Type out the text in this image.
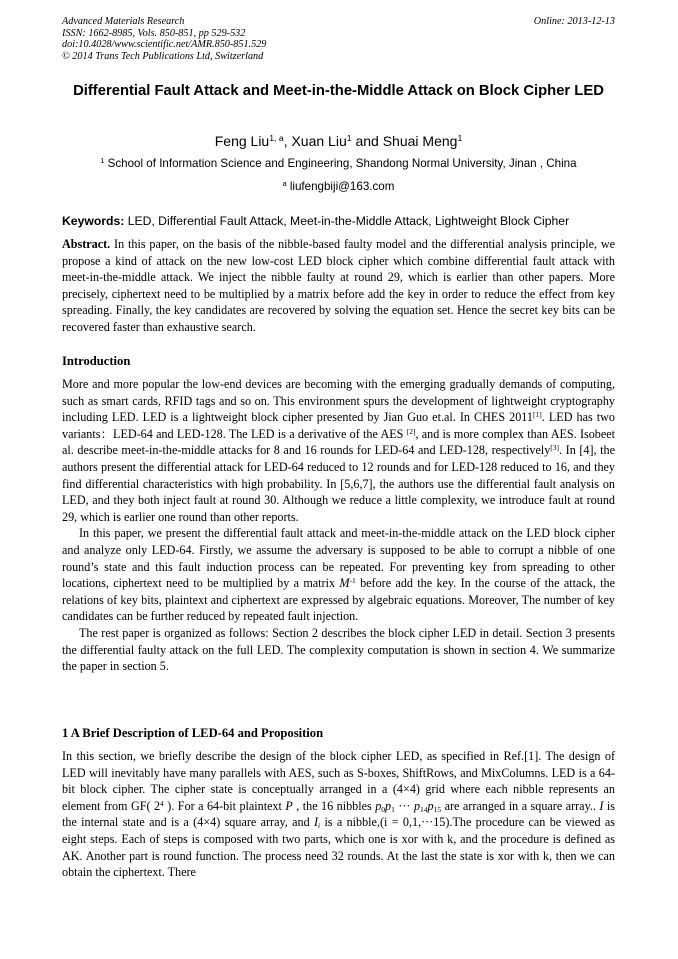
Advanced Materials Research
ISSN: 1662-8985, Vols. 850-851, pp 529-532
doi:10.4028/www.scientific.net/AMR.850-851.529
© 2014 Trans Tech Publications Ltd, Switzerland
Online: 2013-12-13
Differential Fault Attack and Meet-in-the-Middle Attack on Block Cipher LED
Feng Liu$^{1, a}$, Xuan Liu$^1$ and Shuai Meng$^1$
$^1$ School of Information Science and Engineering, Shandong Normal University, Jinan , China
$^a$ liufengbiji@163.com
Keywords: LED, Differential Fault Attack, Meet-in-the-Middle Attack, Lightweight Block Cipher

Abstract. In this paper, on the basis of the nibble-based faulty model and the differential analysis principle, we propose a kind of attack on the new low-cost LED block cipher which combine differential fault attack with meet-in-the-middle attack. We inject the nibble faulty at round 29, which is earlier than other papers. More precisely, ciphertext need to be multiplied by a matrix before add the key in order to reduce the effect from key spreading. Finally, the key candidates are recovered by solving the equation set. Hence the secret key bits can be recovered faster than exhaustive search.

Introduction

More and more popular the low-end devices are becoming with the emerging gradually demands of computing, such as smart cards, RFID tags and so on. This environment spurs the development of lightweight cryptography including LED. LED is a lightweight block cipher presented by Jian Guo et.al. In CHES 2011[1]. LED has two variants：LED-64 and LED-128. The LED is a derivative of the AES [2], and is more complex than AES. Isobeet al. describe meet-in-the-middle attacks for 8 and 16 rounds for LED-64 and LED-128, respectively[3]. In [4], the authors present the differential attack for LED-64 reduced to 12 rounds and for LED-128 reduced to 16, and they find differential characteristics with high probability. In [5,6,7], the authors use the differential fault analysis on LED, and they both inject fault at round 30. Although we reduce a little complexity, we introduce fault at round 29, which is earlier one round than other reports.

In this paper, we present the differential fault attack and meet-in-the-middle attack on the LED block cipher and analyze only LED-64. Firstly, we assume the adversary is supposed to be able to corrupt a nibble of one round’s state and this fault induction process can be repeated. For preventing key from spreading to other locations, ciphertext need to be multiplied by a matrix $M^{-1}$ before add the key. In the course of the attack, the relations of key bits, plaintext and ciphertext are expressed by algebraic equations. Moreover, The number of key candidates can be further reduced by repeated fault injection.

The rest paper is organized as follows: Section 2 describes the block cipher LED in detail. Section 3 presents the differential faulty attack on the full LED. The complexity computation is shown in section 4. We summarize the paper in section 5.

1 A Brief Description of LED-64 and Proposition

In this section, we briefly describe the design of the block cipher LED, as specified in Ref.[1]. The design of LED will inevitably have many parallels with AES, such as S-boxes, ShiftRows, and MixColumns. LED is a 64-bit block cipher. The cipher state is conceptually arranged in a (4×4) grid where each nibble represents an element from GF( $2^4$ ). For a 64-bit plaintext P , the 16 nibbles $p_0p_1$ ··· $p_{14}p_{15}$ are arranged in a square array.. I is the internal state and is a (4×4) square array, and $I_i$ is a nibble,(i = 0,1,···15).The procedure can be viewed as eight steps. Each of steps is composed with two parts, which one is xor with k, and the procedure is defined as AK. Another part is round function. The process need 32 rounds. At the last the state is xor with k, then we can obtain the ciphertext. There
